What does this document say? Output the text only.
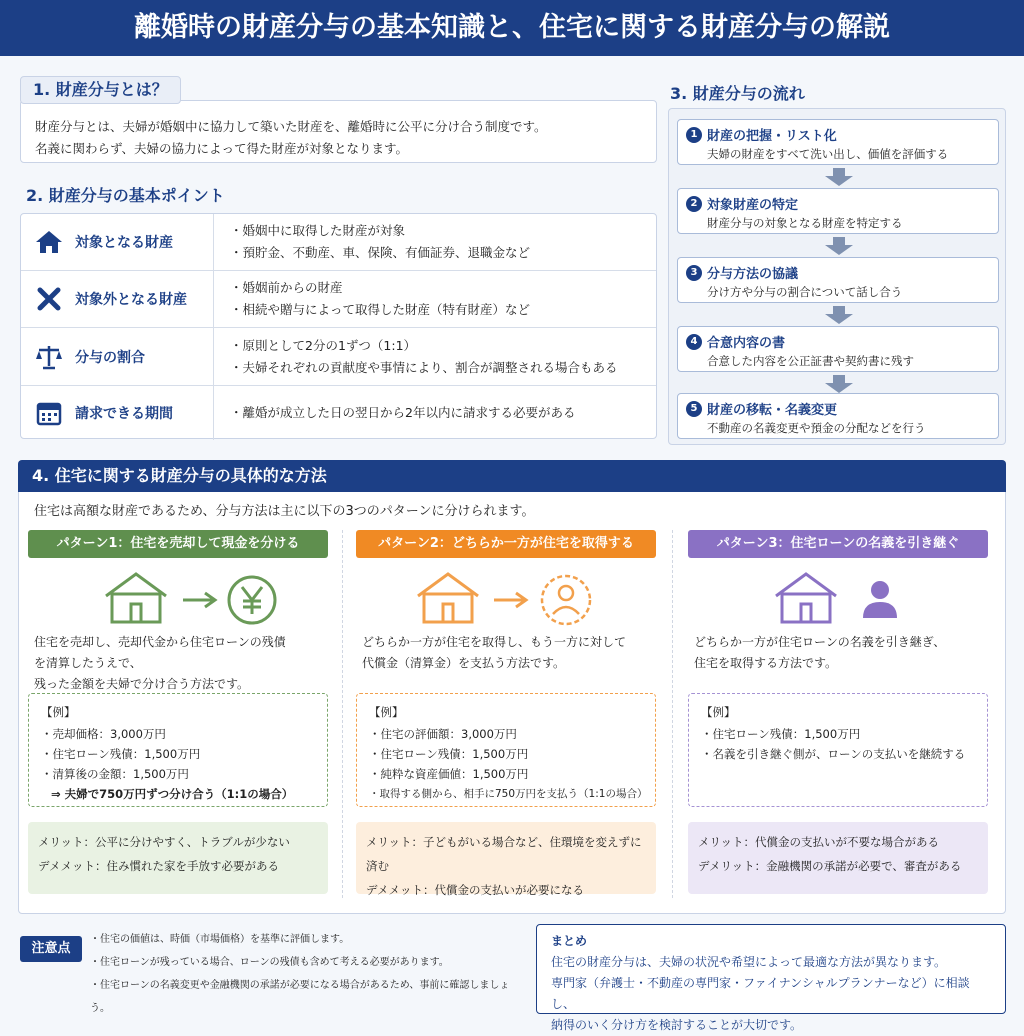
離婚時の財産分与の基本知識と、住宅に関する財産分与の解説
財産分与とは、夫婦が婚姻中に協力して築いた財産を、離婚時に公平に分け合う制度です。
名義に関わらず、夫婦の協力によって得た財産が対象となります。
1. 財産分与とは？
2. 財産分与の基本ポイント
対象となる財産
・婚姻中に取得した財産が対象
・預貯金、不動産、車、保険、有価証券、退職金など
対象外となる財産
・婚姻前からの財産
・相続や贈与によって取得した財産（特有財産）など
分与の割合
・原則として2分の1ずつ（1:1）
・夫婦それぞれの貢献度や事情により、割合が調整される場合もある
請求できる期間	・離婚が成立した日の翌日から2年以内に請求する必要がある
3. 財産分与の流れ
1 財産の把握・リスト化
夫婦の財産をすべて洗い出し、価値を評価する
2 対象財産の特定
財産分与の対象となる財産を特定する
3 分与方法の協議
分け方や分与の割合について話し合う
4 合意内容の書
合意した内容を公正証書や契約書に残す
5 財産の移転・名義変更
不動産の名義変更や預金の分配などを行う
4. 住宅に関する財産分与の具体的な方法
住宅は高額な財産であるため、分与方法は主に以下の3つのパターンに分けられます。
パターン1：住宅を売却して現金を分ける
住宅を売却し、売却代金から住宅ローンの残債
を清算したうえで、
残った金額を夫婦で分け合う方法です。
【例】
・売却価格：3,000万円
・住宅ローン残債：1,500万円
・清算後の金額：1,500万円
⇒ 夫婦で750万円ずつ分け合う（1:1の場合）
メリット：公平に分けやすく、トラブルが少ない
デメメット：住み慣れた家を手放す必要がある
パターン2：どちらか一方が住宅を取得する
どちらか一方が住宅を取得し、もう一方に対して
代償金（清算金）を支払う方法です。
【例】
・住宅の評価額：3,000万円
・住宅ローン残債：1,500万円
・純粋な資産価値：1,500万円
・取得する側から、相手に750万円を支払う（1:1の場合）
メリット：子どもがいる場合など、住環境を変えずに済む
デメメット：代償金の支払いが必要になる
パターン3：住宅ローンの名義を引き継ぐ
どちらか一方が住宅ローンの名義を引き継ぎ、
住宅を取得する方法です。
【例】
・住宅ローン残債：1,500万円
・名義を引き継ぐ側が、ローンの支払いを継続する
メリット：代償金の支払いが不要な場合がある
デメリット：金融機関の承諾が必要で、審査がある
注意点
・住宅の価値は、時価（市場価格）を基準に評価します。
・住宅ローンが残っている場合、ローンの残債も含めて考える必要があります。
・住宅ローンの名義変更や金融機関の承諾が必要になる場合があるため、事前に確認しましょう。
まとめ
住宅の財産分与は、夫婦の状況や希望によって最適な方法が異なります。
専門家（弁護士・不動産の専門家・ファイナンシャルプランナーなど）に相談し、
納得のいく分け方を検討することが大切です。
